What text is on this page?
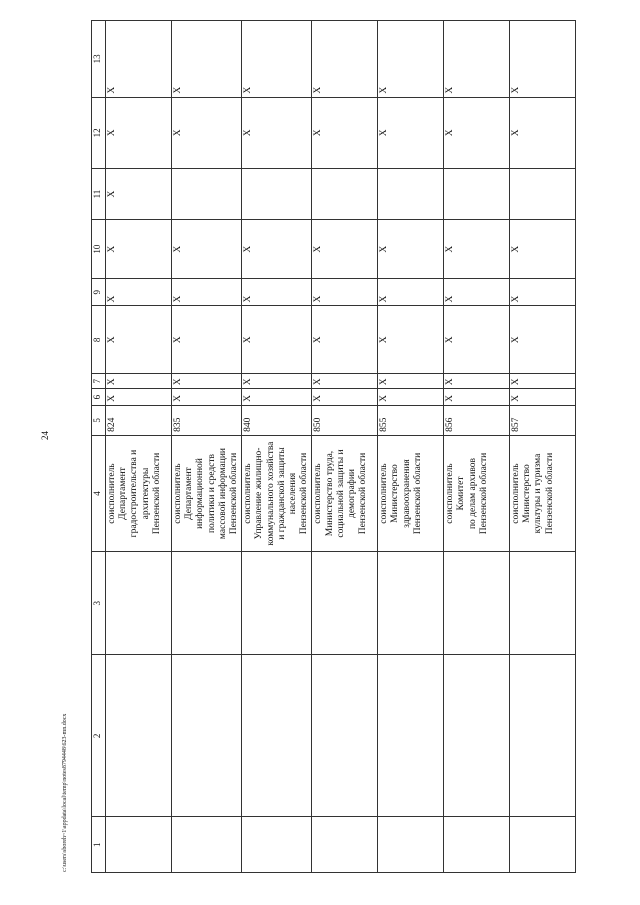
24
1
2
3
4
5
6
7
8
9
10
11
12
13
соисполнитель Департамент градостроительства и архитектуры Пензенской области
824
X
X
X
X
X
X
X
X
соисполнитель Департамент информационной политики и средств массовой информации Пензенской области
835
X
X
X
X
X
X
X
соисполнитель Управление жилищно- коммунального хозяйства и гражданской защиты населения Пензенской области
840
X
X
X
X
X
X
X
соисполнитель Министерство труда, социальной защиты и демографии Пензенской области
850
X
X
X
X
X
X
X
соисполнитель Министерство здравоохранения Пензенской области
855
X
X
X
X
X
X
X
соисполнитель Комитет по делам архивов Пензенской области
856
X
X
X
X
X
X
X
соисполнитель Министерство культуры и туризма Пензенской области
857
X
X
X
X
X
X
X
c:\users\sboreh~1\appdata\local\temp\notes8794448\623-mn.docx
